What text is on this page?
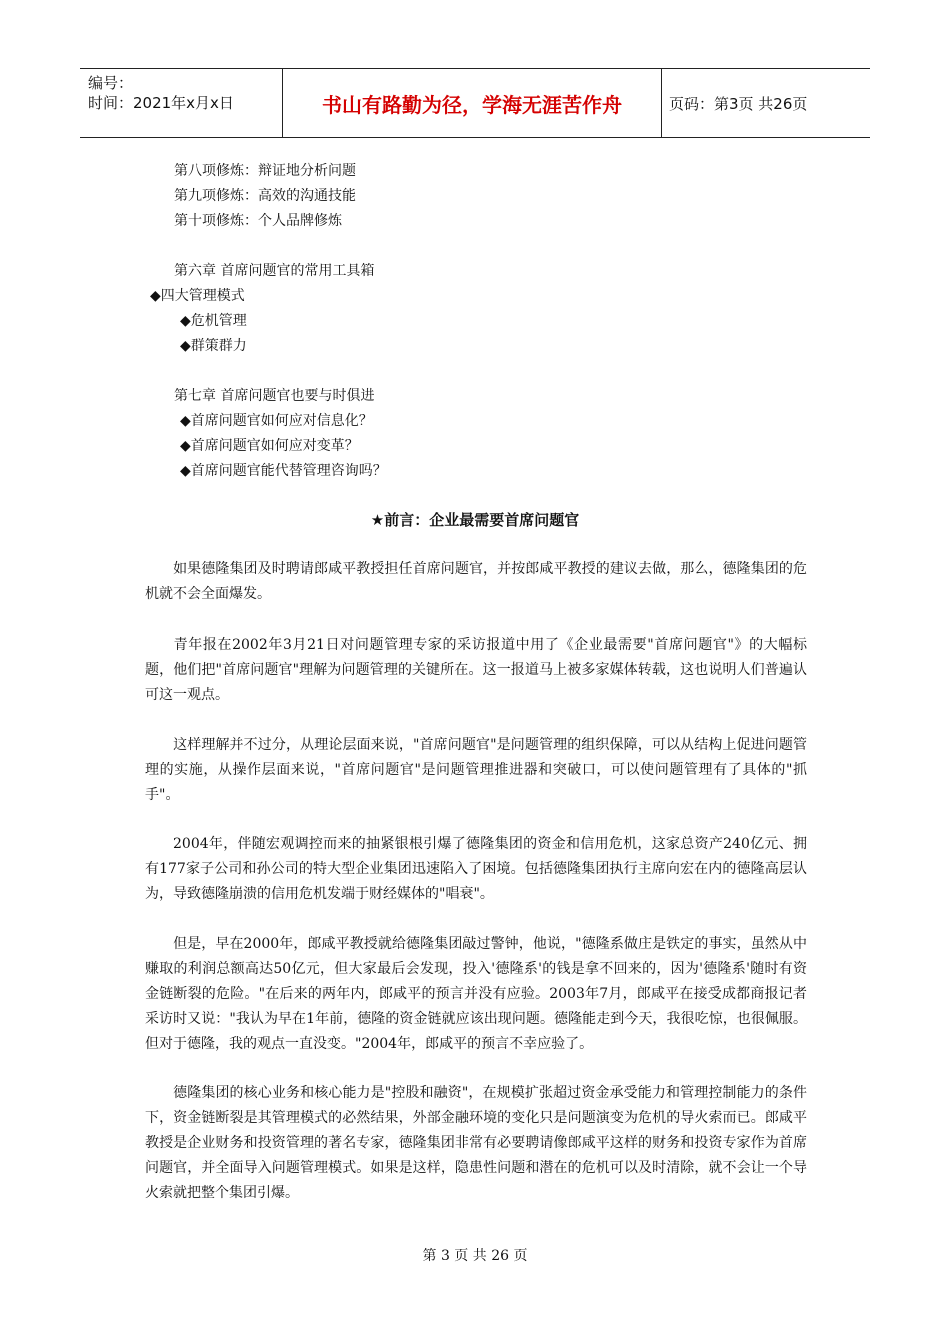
编号：
时间：2021年x月x日	书山有路勤为径，学海无涯苦作舟	页码：第3页 共26页
第八项修炼：辩证地分析问题
第九项修炼：高效的沟通技能
第十项修炼：个人品牌修炼
第六章 首席问题官的常用工具箱
◆四大管理模式
◆危机管理
◆群策群力
第七章 首席问题官也要与时俱进
◆首席问题官如何应对信息化？
◆首席问题官如何应对变革？
◆首席问题官能代替管理咨询吗？
★前言：企业最需要首席问题官
如果德隆集团及时聘请郎咸平教授担任首席问题官，并按郎咸平教授的建议去做，那么，德隆集团的危机就不会全面爆发。
青年报在2002年3月21日对问题管理专家的采访报道中用了《企业最需要"首席问题官"》的大幅标题，他们把"首席问题官"理解为问题管理的关键所在。这一报道马上被多家媒体转载，这也说明人们普遍认可这一观点。
这样理解并不过分，从理论层面来说，"首席问题官"是问题管理的组织保障，可以从结构上促进问题管理的实施，从操作层面来说，"首席问题官"是问题管理推进器和突破口，可以使问题管理有了具体的"抓手"。
2004年，伴随宏观调控而来的抽紧银根引爆了德隆集团的资金和信用危机，这家总资产240亿元、拥有177家子公司和孙公司的特大型企业集团迅速陷入了困境。包括德隆集团执行主席向宏在内的德隆高层认为，导致德隆崩溃的信用危机发端于财经媒体的"唱衰"。
但是，早在2000年，郎咸平教授就给德隆集团敲过警钟，他说，"德隆系做庄是铁定的事实，虽然从中赚取的利润总额高达50亿元，但大家最后会发现，投入'德隆系'的钱是拿不回来的，因为'德隆系'随时有资金链断裂的危险。"在后来的两年内，郎咸平的预言并没有应验。2003年7月，郎咸平在接受成都商报记者采访时又说："我认为早在1年前，德隆的资金链就应该出现问题。德隆能走到今天，我很吃惊，也很佩服。但对于德隆，我的观点一直没变。"2004年，郎咸平的预言不幸应验了。
德隆集团的核心业务和核心能力是"控股和融资"，在规模扩张超过资金承受能力和管理控制能力的条件下，资金链断裂是其管理模式的必然结果，外部金融环境的变化只是问题演变为危机的导火索而已。郎咸平教授是企业财务和投资管理的著名专家，德隆集团非常有必要聘请像郎咸平这样的财务和投资专家作为首席问题官，并全面导入问题管理模式。如果是这样，隐患性问题和潜在的危机可以及时清除，就不会让一个导火索就把整个集团引爆。
第 3 页 共 26 页
